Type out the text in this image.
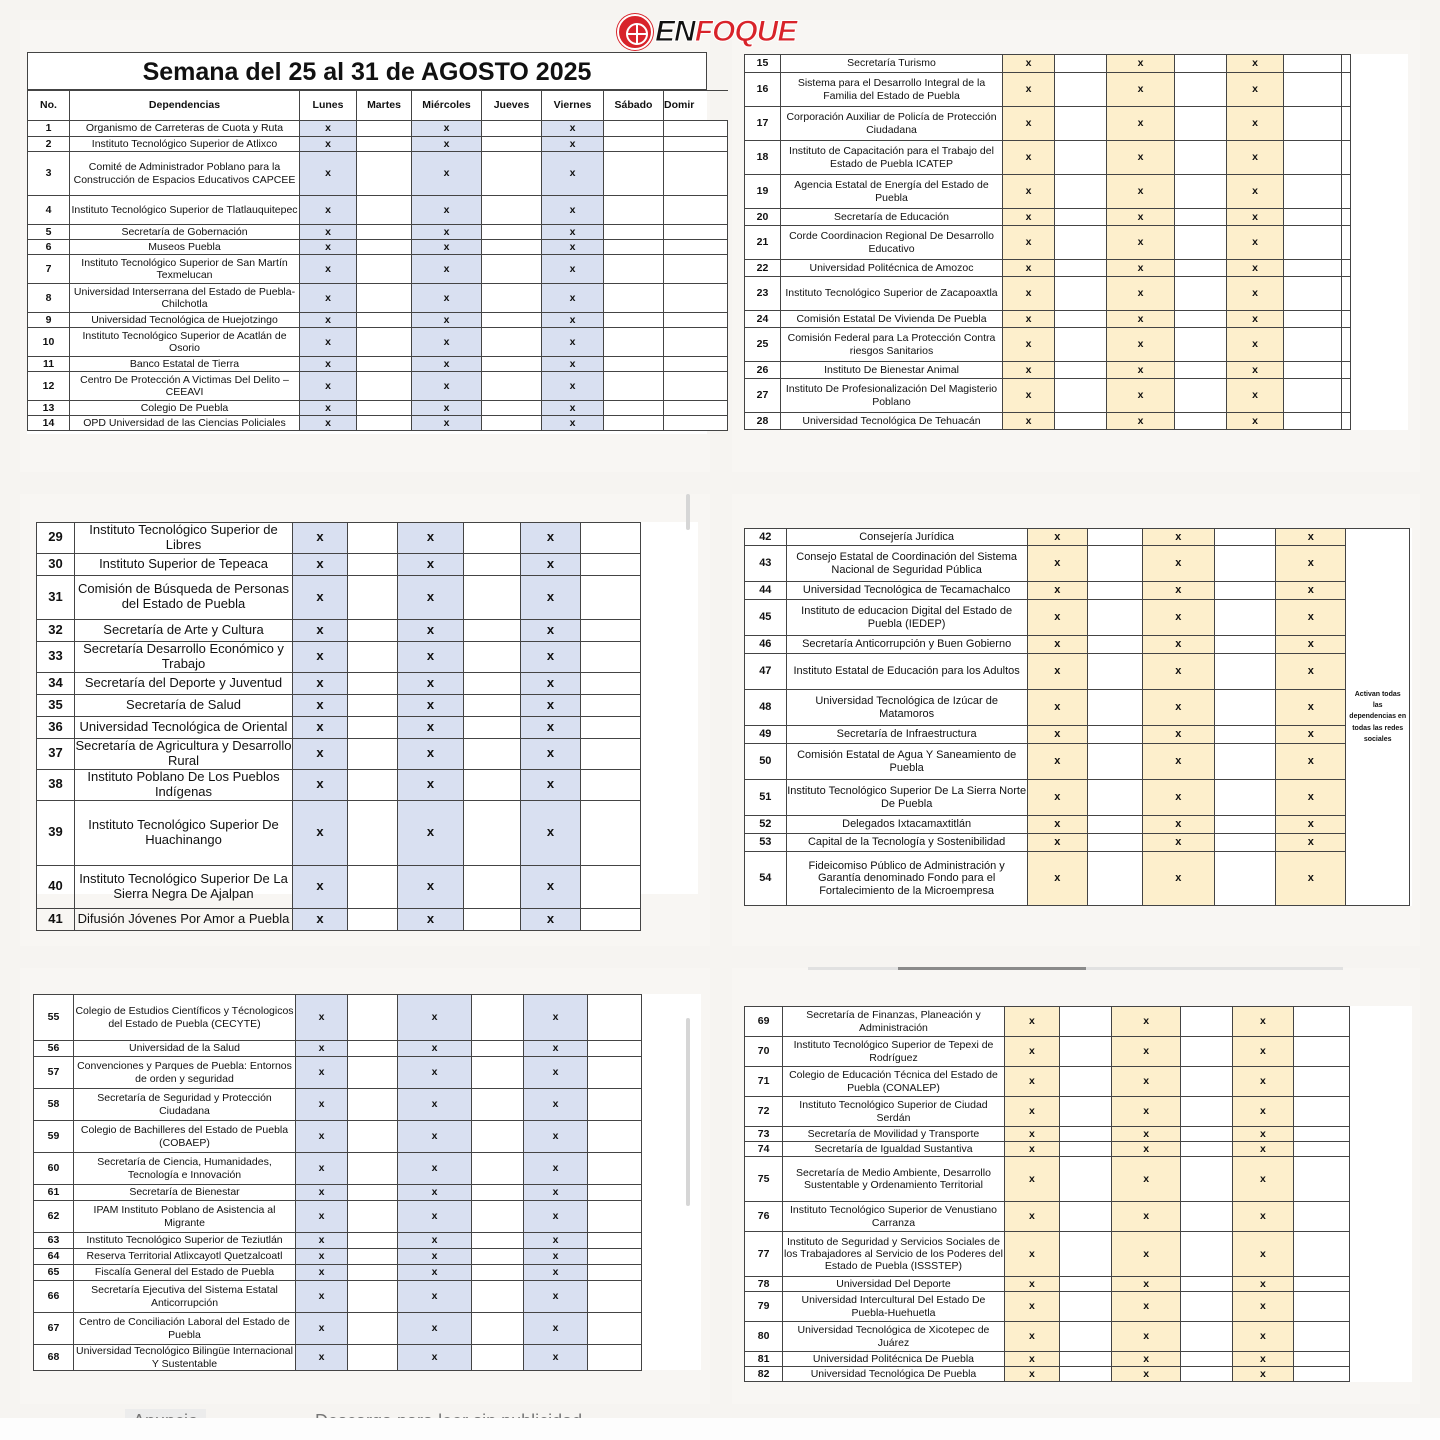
Semana del 25 al 31 de AGOSTO 2025
No.	Dependencias	Lunes	Martes	Miércoles	Jueves	Viernes	Sábado	Domir
1	Organismo de Carreteras de Cuota y Ruta	x		x		x		
2	Instituto Tecnológico Superior de Atlixco	x		x		x		
3	Comité de Administrador Poblano para la Construcción de Espacios Educativos CAPCEE	x		x		x		
4	Instituto Tecnológico Superior de Tlatlauquitepec	x		x		x		
5	Secretaría de Gobernación	x		x		x		
6	Museos Puebla	x		x		x		
7	Instituto Tecnológico Superior de San Martín Texmelucan	x		x		x		
8	Universidad Interserrana del Estado de Puebla- Chilchotla	x		x		x		
9	Universidad Tecnológica de Huejotzingo	x		x		x		
10	Instituto Tecnológico Superior de Acatlán de Osorio	x		x		x		
11	Banco Estatal de Tierra	x		x		x		
12	Centro De Protección A Victimas Del Delito – CEEAVI	x		x		x		
13	Colegio De Puebla	x		x		x		
14	OPD Universidad de las Ciencias Policiales	x		x		x		
15	Secretaría Turismo	x		x		x		
16	Sistema para el Desarrollo Integral de la Familia del Estado de Puebla	x		x		x		
17	Corporación Auxiliar de Policía de Protección Ciudadana	x		x		x		
18	Instituto de Capacitación para el Trabajo del Estado de Puebla ICATEP	x		x		x		
19	Agencia Estatal de Energía del Estado de Puebla	x		x		x		
20	Secretaría de Educación	x		x		x		
21	Corde Coordinacion Regional De Desarrollo Educativo	x		x		x		
22	Universidad Politécnica de Amozoc	x		x		x		
23	Instituto Tecnológico Superior de Zacapoaxtla	x		x		x		
24	Comisión Estatal De Vivienda De Puebla	x		x		x		
25	Comisión Federal para La Protección Contra riesgos Sanitarios	x		x		x		
26	Instituto De Bienestar Animal	x		x		x		
27	Instituto De Profesionalización Del Magisterio Poblano	x		x		x		
28	Universidad Tecnológica De Tehuacán	x		x		x		
29	Instituto Tecnológico Superior de Libres	x		x		x	
30	Instituto Superior de Tepeaca	x		x		x	
31	Comisión de Búsqueda de Personas del Estado de Puebla	x		x		x	
32	Secretaría de Arte y Cultura	x		x		x	
33	Secretaría Desarrollo Económico y Trabajo	x		x		x	
34	Secretaría del Deporte y Juventud	x		x		x	
35	Secretaría de Salud	x		x		x	
36	Universidad Tecnológica de Oriental	x		x		x	
37	Secretaría de Agricultura y Desarrollo Rural	x		x		x	
38	Instituto Poblano De Los Pueblos Indígenas	x		x		x	
39	Instituto Tecnológico Superior De Huachinango	x		x		x	
40	Instituto Tecnológico Superior De La Sierra Negra De Ajalpan	x		x		x	
41	Difusión Jóvenes Por Amor a Puebla	x		x		x	
42	Consejería Jurídica	x		x		x	Activan todas
las
dependencias en
todas las redes
sociales

43	Consejo Estatal de Coordinación del Sistema Nacional de Seguridad Pública	x		x		x	
44	Universidad Tecnológica de Tecamachalco	x		x		x	
45	Instituto de educacion Digital del Estado de Puebla (IEDEP)	x		x		x	
46	Secretaría Anticorrupción y Buen Gobierno	x		x		x	
47	Instituto Estatal de Educación para los Adultos	x		x		x	
48	Universidad Tecnológica de Izúcar de Matamoros	x		x		x	
49	Secretaría de Infraestructura	x		x		x	
50	Comisión Estatal de Agua Y Saneamiento de Puebla	x		x		x	
51	Instituto Tecnológico Superior De La Sierra Norte De Puebla	x		x		x	
52	Delegados Ixtacamaxtitlán	x		x		x	
53	Capital de la Tecnología y Sostenibilidad	x		x		x	
54	Fideicomiso Público de Administración y Garantía denominado Fondo para el Fortalecimiento de la Microempresa	x		x		x	
55	Colegio de Estudios Científicos y Técnologicos del Estado de Puebla (CECYTE)	x		x		x	
56	Universidad de la Salud	x		x		x	
57	Convenciones y Parques de Puebla: Entornos de orden y seguridad	x		x		x	
58	Secretaría de Seguridad y Protección Ciudadana	x		x		x	
59	Colegio de Bachilleres del Estado de Puebla (COBAEP)	x		x		x	
60	Secretaría de Ciencia, Humanidades, Tecnología e Innovación	x		x		x	
61	Secretaría de Bienestar	x		x		x	
62	IPAM Instituto Poblano de Asistencia al Migrante	x		x		x	
63	Instituto Tecnológico Superior de Teziutlán	x		x		x	
64	Reserva Territorial Atlixcayotl Quetzalcoatl	x		x		x	
65	Fiscalía General del Estado de Puebla	x		x		x	
66	Secretaría Ejecutiva del Sistema Estatal Anticorrupción	x		x		x	
67	Centro de Conciliación Laboral del Estado de Puebla	x		x		x	
68	Universidad Tecnológico Bilingüe Internacional Y Sustentable	x		x		x	
69	Secretaría de Finanzas, Planeación y Administración	x		x		x	
70	Instituto Tecnológico Superior de Tepexi de Rodríguez	x		x		x	
71	Colegio de Educación Técnica del Estado de Puebla (CONALEP)	x		x		x	
72	Instituto Tecnológico Superior de Ciudad Serdán	x		x		x	
73	Secretaría de Movilidad y Transporte	x		x		x	
74	Secretaría de Igualdad Sustantiva	x		x		x	
75	Secretaría de Medio Ambiente, Desarrollo Sustentable y Ordenamiento Territorial	x		x		x	
76	Instituto Tecnológico Superior de Venustiano Carranza	x		x		x	
77	Instituto de Seguridad y Servicios Sociales de los Trabajadores al Servicio de los Poderes del Estado de Puebla (ISSSTEP)	x		x		x	
78	Universidad Del Deporte	x		x		x	
79	Universidad Intercultural Del Estado De Puebla-Huehuetla	x		x		x	
80	Universidad Tecnológica de Xicotepec de Juárez	x		x		x	
81	Universidad Politécnica De Puebla	x		x		x	
82	Universidad Tecnológica De Puebla	x		x		x	
ENFOQUE
